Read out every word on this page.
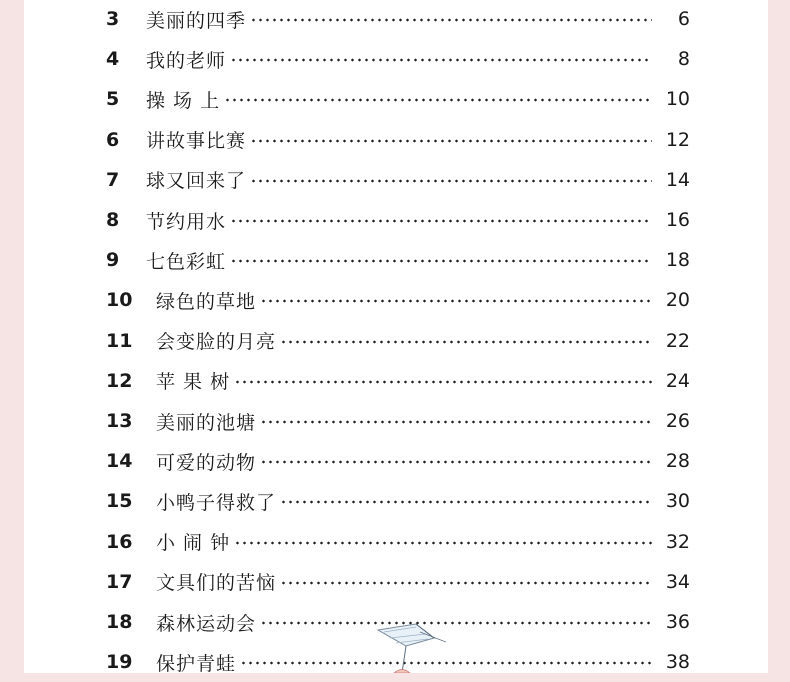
3	美丽的四季	6
4	我的老师	8
5	操 场 上	10
6	讲故事比赛	12
7	球又回来了	14
8	节约用水	16
9	七色彩虹	18
10	绿色的草地	20
11	会变脸的月亮	22
12	苹 果 树	24
13	美丽的池塘	26
14	可爱的动物	28
15	小鸭子得救了	30
16	小 闹 钟	32
17	文具们的苦恼	34
18	森林运动会	36
19	保护青蛙	38
